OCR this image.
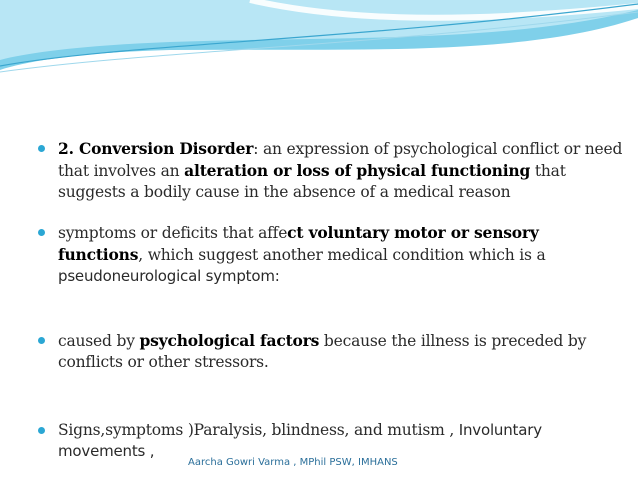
2. Conversion Disorder: an expression of psychological conflict or need that involves an alteration or loss of physical functioning that suggests a bodily cause in the absence of a medical reason
symptoms or deficits that affect voluntary motor or sensory functions, which suggest another medical condition which is a pseudoneurological symptom:
caused by psychological factors because the illness is preceded by conflicts or other stressors.
Signs,symptoms )Paralysis, blindness, and mutism , Involuntary movements ,
Aarcha Gowri Varma , MPhil PSW, IMHANS
